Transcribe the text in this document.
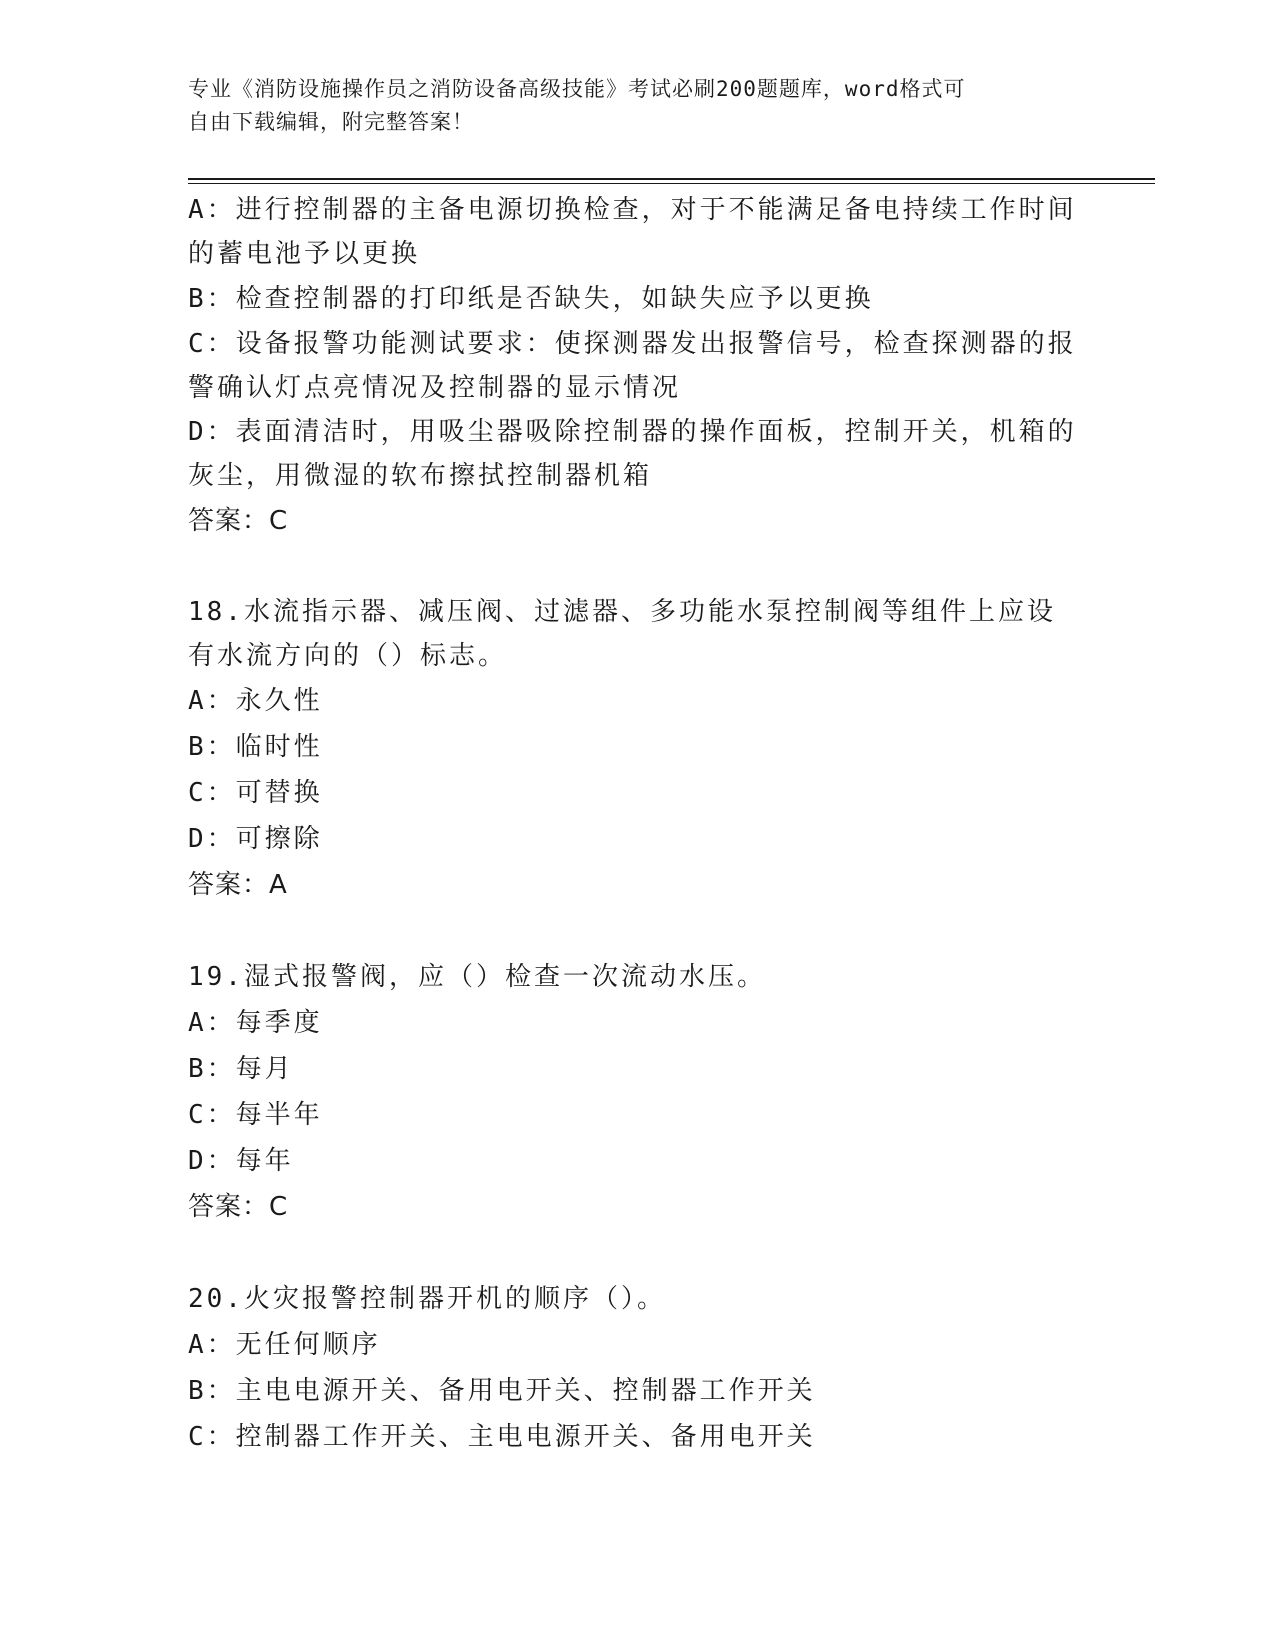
专业《消防设施操作员之消防设备高级技能》考试必刷200题题库，word格式可
自由下载编辑，附完整答案！
A：进行控制器的主备电源切换检查，对于不能满足备电持续工作时间的蓄电池予以更换
B：检查控制器的打印纸是否缺失，如缺失应予以更换
C：设备报警功能测试要求：使探测器发出报警信号，检查探测器的报警确认灯点亮情况及控制器的显示情况
D：表面清洁时，用吸尘器吸除控制器的操作面板，控制开关，机箱的灰尘，用微湿的软布擦拭控制器机箱
答案：C
18.水流指示器、减压阀、过滤器、多功能水泵控制阀等组件上应设有水流方向的（）标志。
A：永久性
B：临时性
C：可替换
D：可擦除
答案：A
19.湿式报警阀，应（）检查一次流动水压。
A：每季度
B：每月
C：每半年
D：每年
答案：C
20.火灾报警控制器开机的顺序（）。
A：无任何顺序
B：主电电源开关、备用电开关、控制器工作开关
C：控制器工作开关、主电电源开关、备用电开关
